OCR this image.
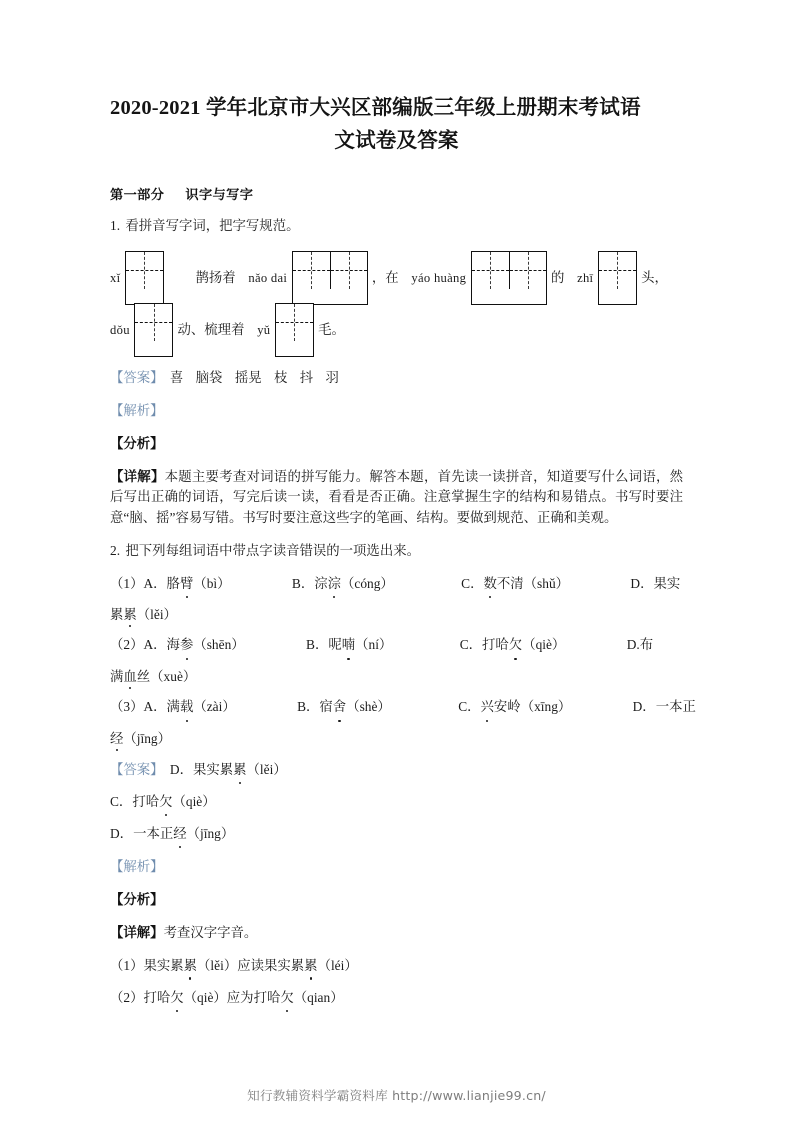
2020-2021 学年北京市大兴区部编版三年级上册期末考试语
文试卷及答案
第一部分 识字与写字

1. 看拼音写字词，把字写规范。

xǐ	鹊扬着 nǎo dai	，在 yáo huàng	的 zhī	头，
dǒu	动、梳理着 yǔ	毛。

【答案】 喜 脑袋 摇晃 枝 抖 羽

【解析】

【分析】

【详解】本题主要考查对词语的拼写能力。解答本题，首先读一读拼音，知道要写什么词语，然后写出正确的词语，写完后读一读，看看是否正确。注意掌握生字的结构和易错点。书写时要注意“脑、摇”容易写错。书写时要注意这些字的笔画、结构。要做到规范、正确和美观。

2. 把下列每组词语中带点字读音错误的一项选出来。

（1）A．胳臂（bì）	B．淙淙（cóng）	C．数不清（shǔ）	D．果实

累累（lěi）

（2）A．海参（shēn）	B．呢喃（ní）	C．打哈欠（qiè）	D.布

满血丝（xuè）

（3）A．满载（zài）	B．宿舍（shè）	C．兴安岭（xīng）	D．一本正

经（jīng）

【答案】 D．果实累累（lěi）

C．打哈欠（qiè）

D．一本正经（jīng）

【解析】

【分析】

【详解】考查汉字字音。

（1）果实累累（lěi）应读果实累累（léi）

（2）打哈欠（qiè）应为打哈欠（qian）

知行教辅资料学霸资料库 http://www.lianjie99.cn/
